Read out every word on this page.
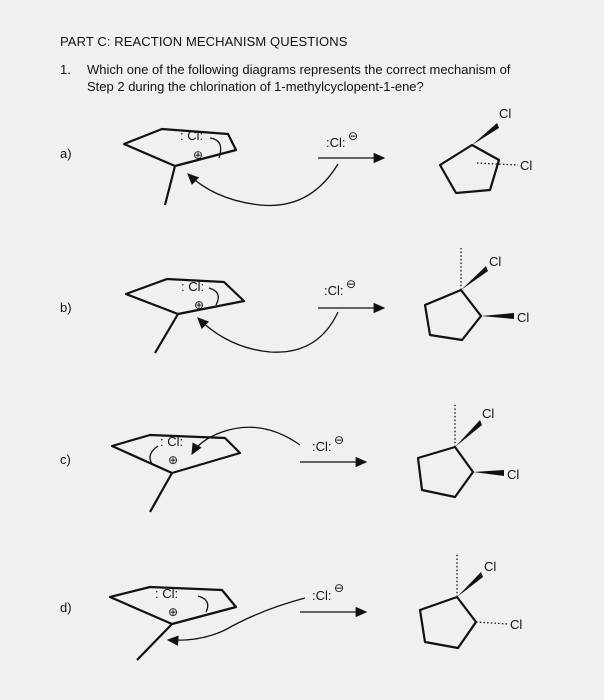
PART C: REACTION MECHANISM QUESTIONS
1. Which one of the following diagrams represents the correct mechanism of
Step 2 during the chlorination of 1-methylcyclopent-1-ene?
a)
b)
c)
d)
: Cl:
⊕
:Cl: ⊖
Cl
Cl
: Cl:
⊕
:Cl: ⊖
Cl
Cl
: Cl:
⊕
:Cl: ⊖
Cl
Cl
: Cl:
⊕
:Cl: ⊖
Cl
Cl
